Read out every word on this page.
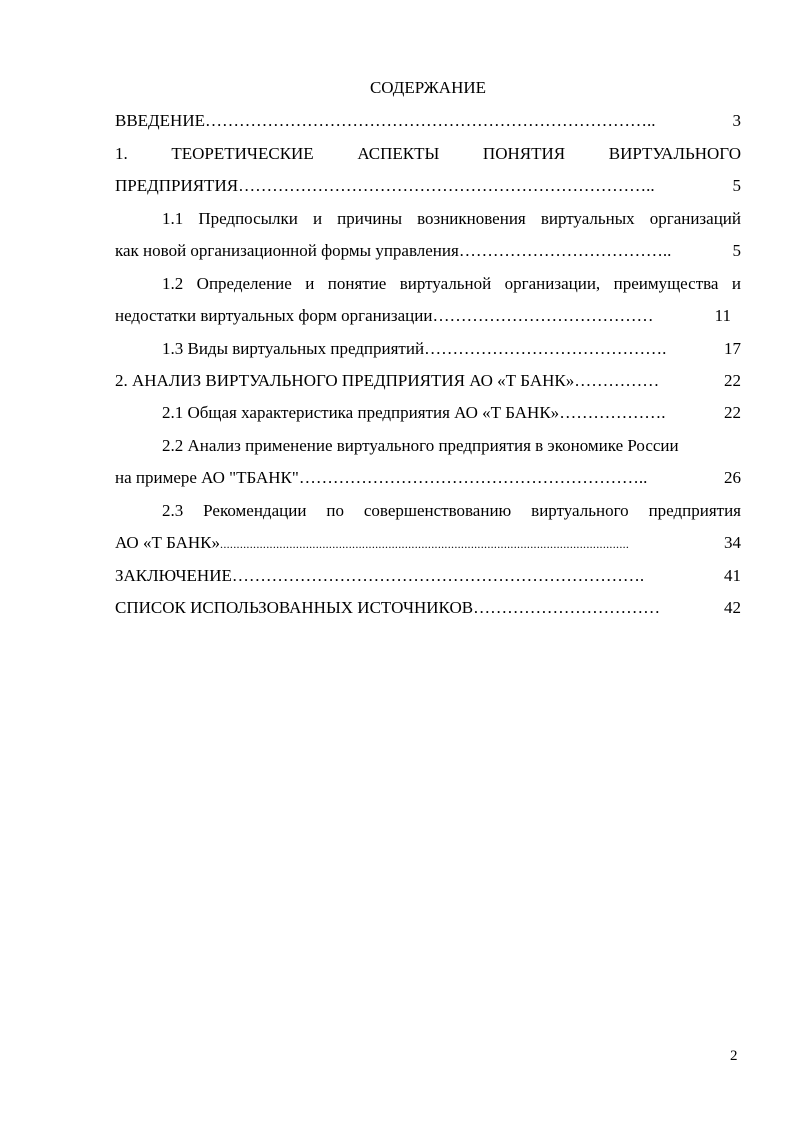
СОДЕРЖАНИЕ
ВВЕДЕНИЕ ……………………………………………………………………..	3
1. ТЕОРЕТИЧЕСКИЕ АСПЕКТЫ ПОНЯТИЯ ВИРТУАЛЬНОГО
ПРЕДПРИЯТИЯ ………………………………………………………………..	5
1.1 Предпосылки и причины возникновения виртуальных организаций
как новой организационной формы управления ………………………………..	5
1.2 Определение и понятие виртуальной организации, преимущества и
недостатки виртуальных форм организации …………………………………	11
1.3 Виды виртуальных предприятий …………………………………….	17
2. АНАЛИЗ ВИРТУАЛЬНОГО ПРЕДПРИЯТИЯ АО «Т БАНК» ……………	22
2.1 Общая характеристика предприятия АО «Т БАНК» ……………….	22
2.2 Анализ применение виртуального предприятия в экономике России
на примере АО "ТБАНК" ……………………………………………………..	26
2.3 Рекомендации по совершенствованию виртуального предприятия
АО «Т БАНК» ............................................................................................................................	34
ЗАКЛЮЧЕНИЕ ……………………………………………………………….	41
СПИСОК ИСПОЛЬЗОВАННЫХ ИСТОЧНИКОВ ……………………………	42
2
